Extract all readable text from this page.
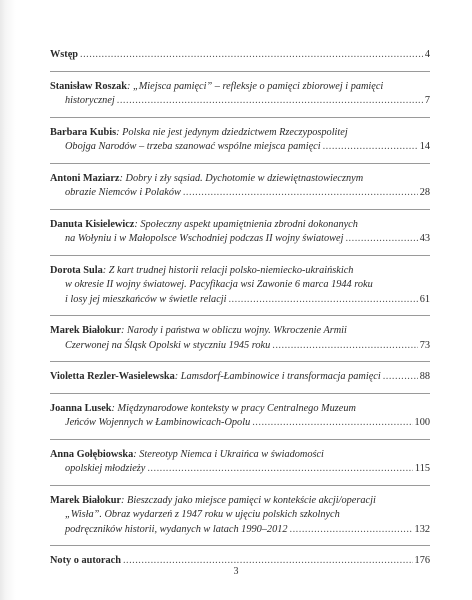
Wstęp .....	4
Stanisław Roszak : „Miejsca pamięci” – refleksje o pamięci zbiorowej i pamięci
historycznej .....	7
Barbara Kubis : Polska nie jest jedynym dziedzictwem Rzeczypospolitej
Obojga Narodów – trzeba szanować wspólne miejsca pamięci .....	14
Antoni Maziarz : Dobry i zły sąsiad. Dychotomie w dziewiętnastowiecznym
obrazie Niemców i Polaków .....	28
Danuta Kisielewicz : Społeczny aspekt upamiętnienia zbrodni dokonanych
na Wołyniu i w Małopolsce Wschodniej podczas II wojny światowej .....	43
Dorota Sula : Z kart trudnej historii relacji polsko-niemiecko-ukraińskich
w okresie II wojny światowej. Pacyfikacja wsi Zawonie 6 marca 1944 roku
i losy jej mieszkańców w świetle relacji .....	61
Marek Białokur : Narody i państwa w obliczu wojny. Wkroczenie Armii
Czerwonej na Śląsk Opolski w styczniu 1945 roku .....	73
Violetta Rezler-Wasielewska : Lamsdorf-Łambinowice i transformacja pamięci .....	88
Joanna Lusek : Międzynarodowe konteksty w pracy Centralnego Muzeum
Jeńców Wojennych w Łambinowicach-Opolu .....	100
Anna Gołębiowska : Stereotyp Niemca i Ukraińca w świadomości
opolskiej młodzieży .....	115
Marek Białokur : Bieszczady jako miejsce pamięci w kontekście akcji/operacji
„Wisła”. Obraz wydarzeń z 1947 roku w ujęciu polskich szkolnych
podręczników historii, wydanych w latach 1990–2012 .....	132
Noty o autorach .....	176
3
